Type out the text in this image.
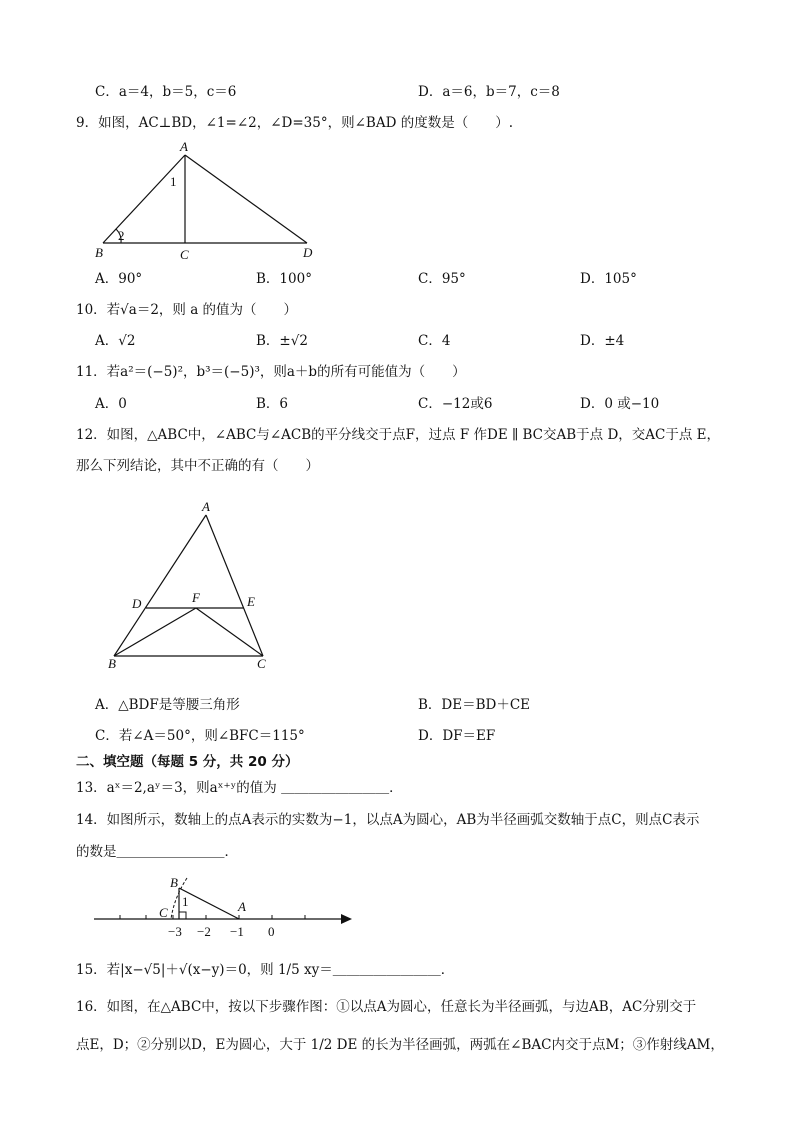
C．a＝4，b＝5，c＝6	D．a＝6，b＝7，c＝8
9．如图，AC⊥BD，∠1=∠2，∠D=35°，则∠BAD 的度数是（　　）.
A
B	C	D
1
2
A．90°	B．100°	C．95°	D．105°
10．若√a＝2，则 a 的值为（　　）
A．√2	B．±√2	C．4	D．±4
11．若a²＝(−5)²，b³＝(−5)³，则a＋b的所有可能值为（　　）
A．0	B．6	C．−12或6	D．0 或−10
12．如图，△ABC中，∠ABC与∠ACB的平分线交于点F，过点 F 作DE ∥ BC交AB于点 D，交AC于点 E，
那么下列结论，其中不正确的有（　　）
A
B	C
D	E
F
A．△BDF是等腰三角形	B．DE＝BD＋CE
C．若∠A＝50°，则∠BFC＝115°	D．DF＝EF
二、填空题（每题 5 分，共 20 分）
13．aˣ＝2,aʸ＝3，则aˣ⁺ʸ的值为 ＿＿＿＿＿＿＿＿．
14．如图所示，数轴上的点A表示的实数为−1，以点A为圆心，AB为半径画弧交数轴于点C，则点C表示
的数是＿＿＿＿＿＿＿＿．
B
C	A
1
−3 −2 −1 0
15．若|x−√5|＋√(x−y)＝0，则 1/5 xy＝＿＿＿＿＿＿＿＿．
16．如图，在△ABC中，按以下步骤作图：①以点A为圆心，任意长为半径画弧，与边AB，AC分别交于
点E，D；②分别以D，E为圆心，大于 1/2 DE 的长为半径画弧，两弧在∠BAC内交于点M；③作射线AM，
